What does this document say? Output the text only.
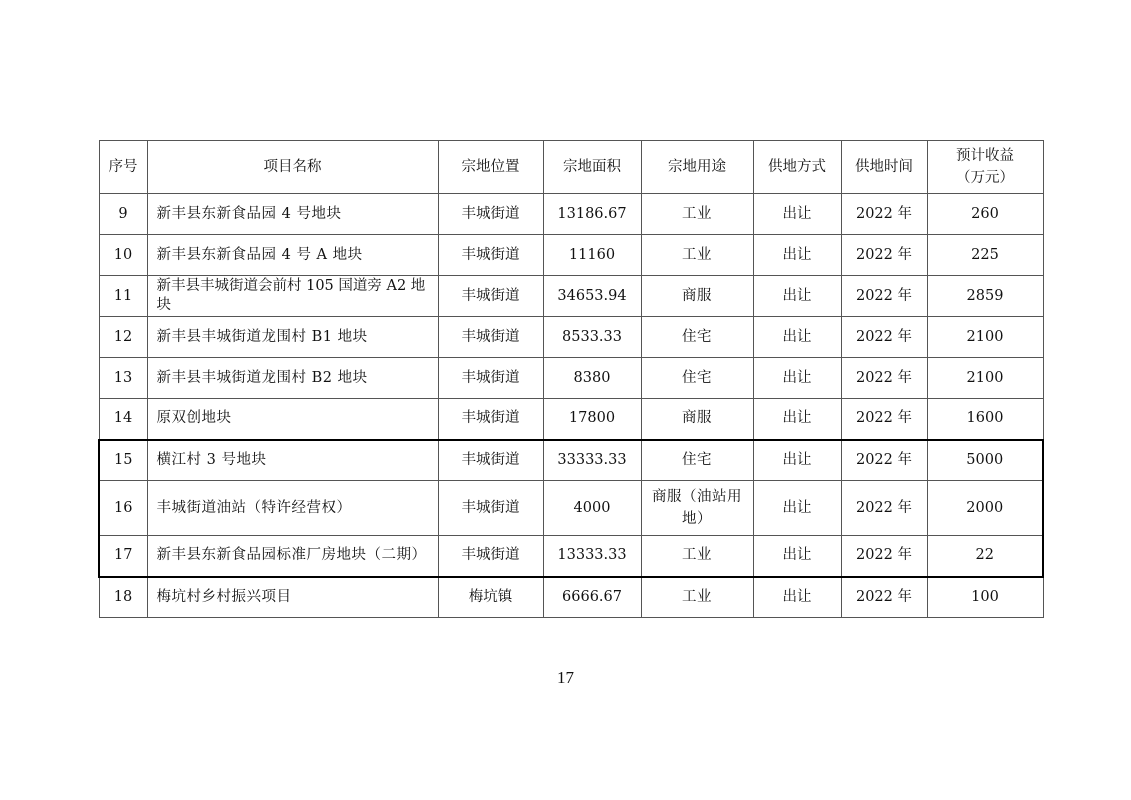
序号	项目名称	宗地位置	宗地面积	宗地用途	供地方式	供地时间	预计收益
（万元）
9	新丰县东新食品园 4 号地块	丰城街道	13186.67	工业	出让	2022 年	260
10	新丰县东新食品园 4 号 A 地块	丰城街道	11160	工业	出让	2022 年	225
11	新丰县丰城街道会前村 105 国道旁 A2 地块	丰城街道	34653.94	商服	出让	2022 年	2859
12	新丰县丰城街道龙围村 B1 地块	丰城街道	8533.33	住宅	出让	2022 年	2100
13	新丰县丰城街道龙围村 B2 地块	丰城街道	8380	住宅	出让	2022 年	2100
14	原双创地块	丰城街道	17800	商服	出让	2022 年	1600
15	横江村 3 号地块	丰城街道	33333.33	住宅	出让	2022 年	5000
16	丰城街道油站（特许经营权）	丰城街道	4000	商服（油站用地）	出让	2022 年	2000
17	新丰县东新食品园标准厂房地块（二期）	丰城街道	13333.33	工业	出让	2022 年	22
18	梅坑村乡村振兴项目	梅坑镇	6666.67	工业	出让	2022 年	100
17
